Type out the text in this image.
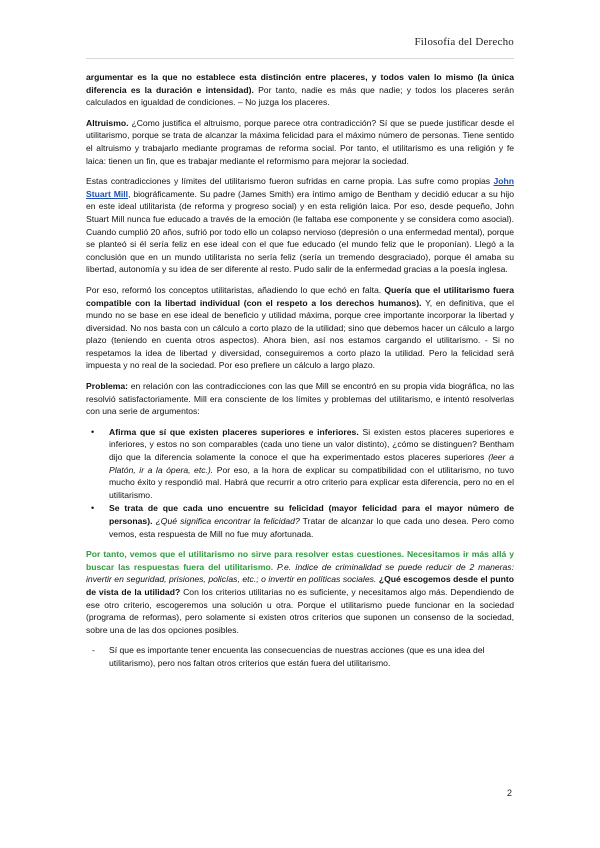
Filosofía del Derecho

argumentar es la que no establece esta distinción entre placeres, y todos valen lo mismo (la única diferencia es la duración e intensidad). Por tanto, nadie es más que nadie; y todos los placeres serán calculados en igualdad de condiciones. – No juzga los placeres.

Altruismo. ¿Como justifica el altruismo, porque parece otra contradicción? Sí que se puede justificar desde el utilitarismo, porque se trata de alcanzar la máxima felicidad para el máximo número de personas. Tiene sentido el altruismo y trabajarlo mediante programas de reforma social. Por tanto, el utilitarismo es una religión y fe laica: tienen un fin, que es trabajar mediante el reformismo para mejorar la sociedad.

Estas contradicciones y límites del utilitarismo fueron sufridas en carne propia. Las sufre como propias John Stuart Mill, biográficamente. Su padre (James Smith) era íntimo amigo de Bentham y decidió educar a su hijo en este ideal utilitarista (de reforma y progreso social) y en esta religión laica. Por eso, desde pequeño, John Stuart Mill nunca fue educado a través de la emoción (le faltaba ese componente y se considera como asocial). Cuando cumplió 20 años, sufrió por todo ello un colapso nervioso (depresión o una enfermedad mental), porque se planteó si él sería feliz en ese ideal con el que fue educado (el mundo feliz que le proponían). Llegó a la conclusión que en un mundo utilitarista no sería feliz (sería un tremendo desgraciado), porque él amaba su libertad, autonomía y su idea de ser diferente al resto. Pudo salir de la enfermedad gracias a la poesía inglesa.

Por eso, reformó los conceptos utilitaristas, añadiendo lo que echó en falta. Quería que el utilitarismo fuera compatible con la libertad individual (con el respeto a los derechos humanos). Y, en definitiva, que el mundo no se base en ese ideal de beneficio y utilidad máxima, porque cree importante incorporar la libertad y diversidad. No nos basta con un cálculo a corto plazo de la utilidad; sino que debemos hacer un cálculo a largo plazo (teniendo en cuenta otros aspectos). Ahora bien, así nos estamos cargando el utilitarismo. - Si no respetamos la idea de libertad y diversidad, conseguiremos a corto plazo la utilidad. Pero la felicidad será impuesta y no real de la sociedad. Por eso prefiere un cálculo a largo plazo.

Problema: en relación con las contradicciones con las que Mill se encontró en su propia vida biográfica, no las resolvió satisfactoriamente. Mill era consciente de los límites y problemas del utilitarismo, e intentó resolverlas con una serie de argumentos:

• Afirma que sí que existen placeres superiores e inferiores. Si existen estos placeres superiores e inferiores, y estos no son comparables (cada uno tiene un valor distinto), ¿cómo se distinguen? Bentham dijo que la diferencia solamente la conoce el que ha experimentado estos placeres superiores (leer a Platón, ir a la ópera, etc.). Por eso, a la hora de explicar su compatibilidad con el utilitarismo, no tuvo mucho éxito y respondió mal. Habrá que recurrir a otro criterio para explicar esta diferencia, pero no en el utilitarismo.
• Se trata de que cada uno encuentre su felicidad (mayor felicidad para el mayor número de personas). ¿Qué significa encontrar la felicidad? Tratar de alcanzar lo que cada uno desea. Pero como vemos, esta respuesta de Mill no fue muy afortunada.

Por tanto, vemos que el utilitarismo no sirve para resolver estas cuestiones. Necesitamos ir más allá y buscar las respuestas fuera del utilitarismo. P.e. índice de criminalidad se puede reducir de 2 maneras: invertir en seguridad, prisiones, policías, etc.; o invertir en políticas sociales. ¿Qué escogemos desde el punto de vista de la utilidad? Con los criterios utilitarias no es suficiente, y necesitamos algo más. Dependiendo de ese otro criterio, escogeremos una solución u otra. Porque el utilitarismo puede funcionar en la sociedad (programa de reformas), pero solamente si existen otros criterios que suponen un consenso de la sociedad, sobre una de las dos opciones posibles.

- Sí que es importante tener encuenta las consecuencias de nuestras acciones (que es una idea del utilitarismo), pero nos faltan otros criterios que están fuera del utilitarismo.
2
